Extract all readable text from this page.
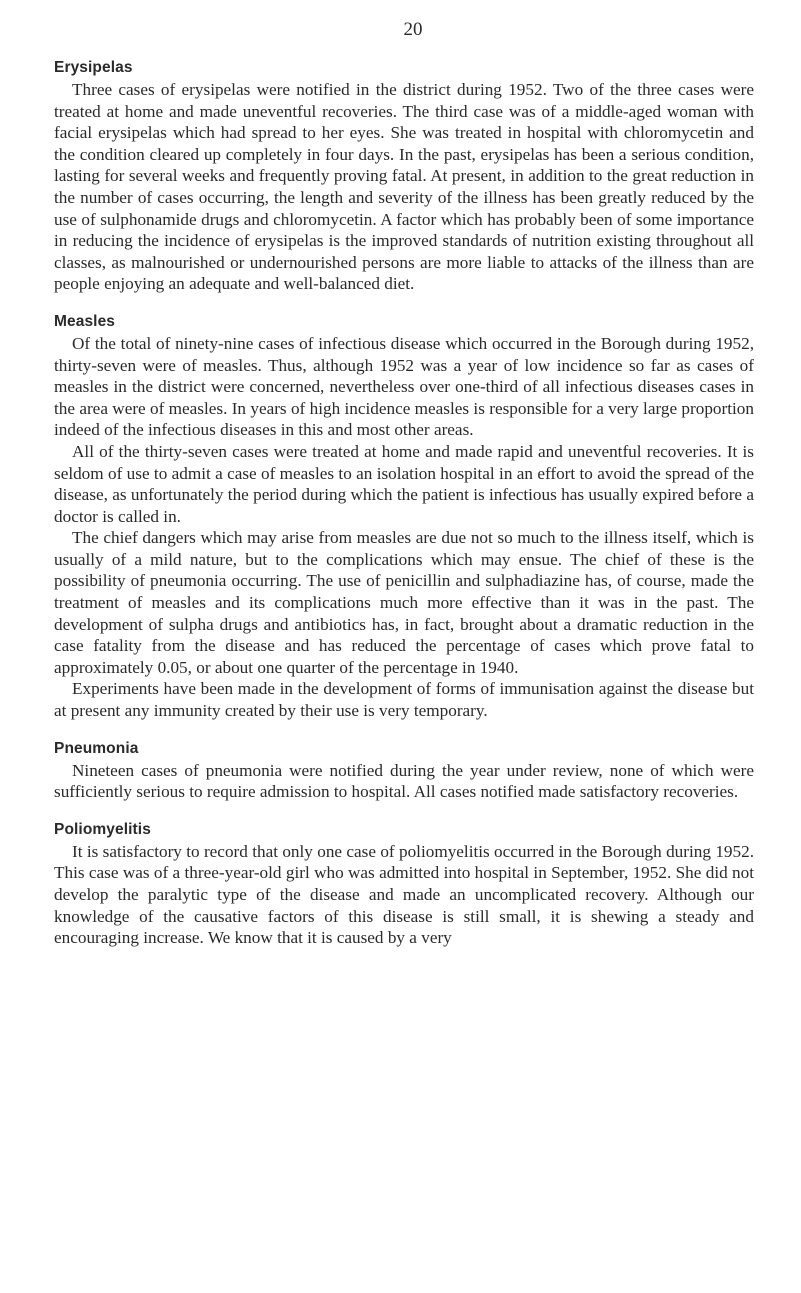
20
Erysipelas

Three cases of erysipelas were notified in the district during 1952. Two of the three cases were treated at home and made uneventful recoveries. The third case was of a middle-aged woman with facial erysipelas which had spread to her eyes. She was treated in hospital with chloromycetin and the condition cleared up completely in four days. In the past, erysipelas has been a serious condition, lasting for several weeks and frequently proving fatal. At present, in addition to the great reduction in the number of cases occurring, the length and severity of the illness has been greatly reduced by the use of sulphonamide drugs and chloromycetin. A factor which has probably been of some importance in reducing the incidence of erysipelas is the improved standards of nutrition existing throughout all classes, as malnourished or undernourished persons are more liable to attacks of the illness than are people enjoying an adequate and well-balanced diet.

Measles

Of the total of ninety-nine cases of infectious disease which occurred in the Borough during 1952, thirty-seven were of measles. Thus, although 1952 was a year of low incidence so far as cases of measles in the district were concerned, nevertheless over one-third of all infectious diseases cases in the area were of measles. In years of high incidence measles is responsible for a very large proportion indeed of the infectious diseases in this and most other areas.

All of the thirty-seven cases were treated at home and made rapid and uneventful recoveries. It is seldom of use to admit a case of measles to an isolation hospital in an effort to avoid the spread of the disease, as unfortunately the period during which the patient is infectious has usually expired before a doctor is called in.

The chief dangers which may arise from measles are due not so much to the illness itself, which is usually of a mild nature, but to the complications which may ensue. The chief of these is the possibility of pneumonia occurring. The use of penicillin and sulphadiazine has, of course, made the treatment of measles and its complications much more effective than it was in the past. The development of sulpha drugs and antibiotics has, in fact, brought about a dramatic reduction in the case fatality from the disease and has reduced the percentage of cases which prove fatal to approximately 0.05, or about one quarter of the percentage in 1940.

Experiments have been made in the development of forms of immunisation against the disease but at present any immunity created by their use is very temporary.

Pneumonia

Nineteen cases of pneumonia were notified during the year under review, none of which were sufficiently serious to require admission to hospital. All cases notified made satisfactory recoveries.

Poliomyelitis

It is satisfactory to record that only one case of poliomyelitis occurred in the Borough during 1952. This case was of a three-year-old girl who was admitted into hospital in September, 1952. She did not develop the paralytic type of the disease and made an uncomplicated recovery. Although our knowledge of the causative factors of this disease is still small, it is shewing a steady and encouraging increase. We know that it is caused by a very
